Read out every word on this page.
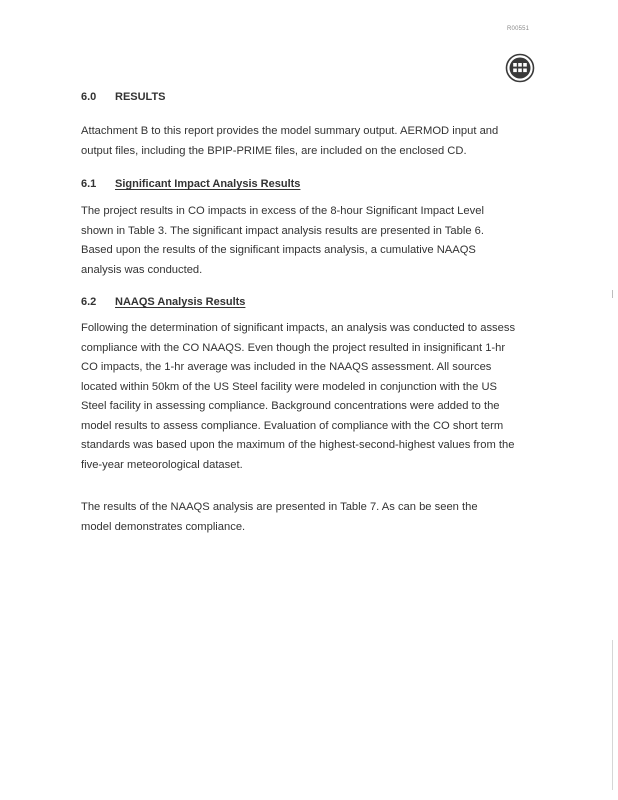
R00551
6.0	RESULTS
Attachment B to this report provides the model summary output. AERMOD input and
output files, including the BPIP-PRIME files, are included on the enclosed CD.
6.1	Significant Impact Analysis Results
The project results in CO impacts in excess of the 8-hour Significant Impact Level
shown in Table 3. The significant impact analysis results are presented in Table 6.
Based upon the results of the significant impacts analysis, a cumulative NAAQS
analysis was conducted.
6.2	NAAQS Analysis Results
Following the determination of significant impacts, an analysis was conducted to assess
compliance with the CO NAAQS. Even though the project resulted in insignificant 1-hr
CO impacts, the 1-hr average was included in the NAAQS assessment. All sources
located within 50km of the US Steel facility were modeled in conjunction with the US
Steel facility in assessing compliance. Background concentrations were added to the
model results to assess compliance. Evaluation of compliance with the CO short term
standards was based upon the maximum of the highest-second-highest values from the
five-year meteorological dataset.
The results of the NAAQS analysis are presented in Table 7. As can be seen the
model demonstrates compliance.
